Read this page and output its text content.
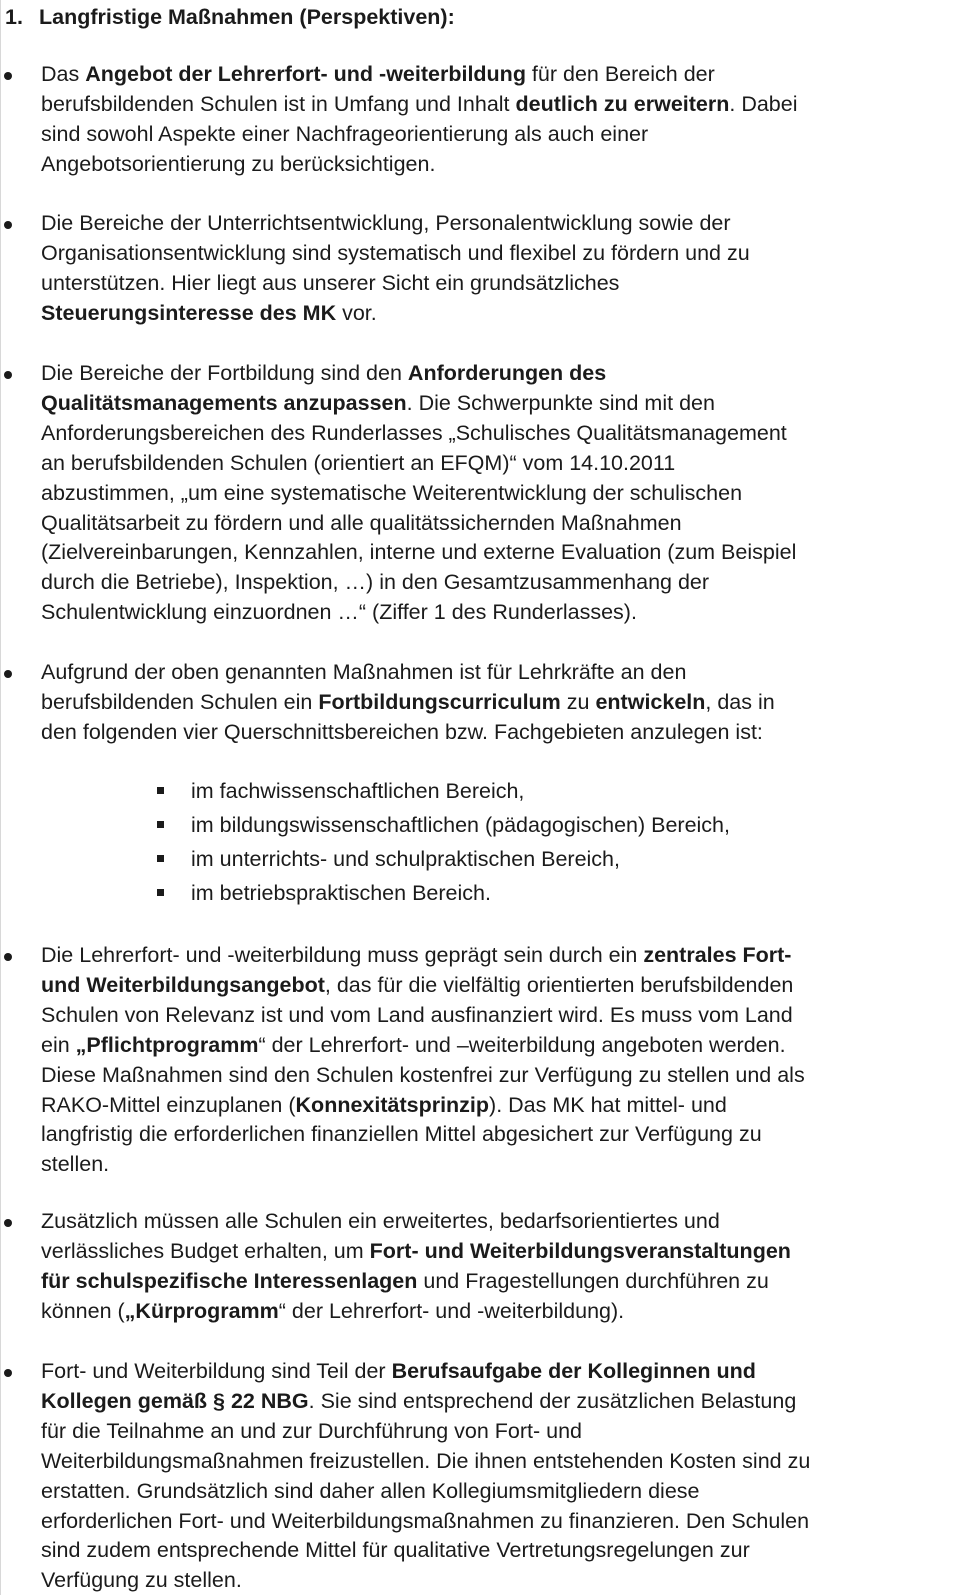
1. Langfristige Maßnahmen (Perspektiven):
Das Angebot der Lehrerfort- und -weiterbildung für den Bereich der
berufsbildenden Schulen ist in Umfang und Inhalt deutlich zu erweitern. Dabei
sind sowohl Aspekte einer Nachfrageorientierung als auch einer
Angebotsorientierung zu berücksichtigen.
Die Bereiche der Unterrichtsentwicklung, Personalentwicklung sowie der
Organisationsentwicklung sind systematisch und flexibel zu fördern und zu
unterstützen. Hier liegt aus unserer Sicht ein grundsätzliches
Steuerungsinteresse des MK vor.
Die Bereiche der Fortbildung sind den Anforderungen des
Qualitätsmanagements anzupassen. Die Schwerpunkte sind mit den
Anforderungsbereichen des Runderlasses „Schulisches Qualitätsmanagement
an berufsbildenden Schulen (orientiert an EFQM)“ vom 14.10.2011
abzustimmen, „um eine systematische Weiterentwicklung der schulischen
Qualitätsarbeit zu fördern und alle qualitätssichernden Maßnahmen
(Zielvereinbarungen, Kennzahlen, interne und externe Evaluation (zum Beispiel
durch die Betriebe), Inspektion, …) in den Gesamtzusammenhang der
Schulentwicklung einzuordnen …“ (Ziffer 1 des Runderlasses).
Aufgrund der oben genannten Maßnahmen ist für Lehrkräfte an den
berufsbildenden Schulen ein Fortbildungscurriculum zu entwickeln, das in
den folgenden vier Querschnittsbereichen bzw. Fachgebieten anzulegen ist:
im fachwissenschaftlichen Bereich,
im bildungswissenschaftlichen (pädagogischen) Bereich,
im unterrichts- und schulpraktischen Bereich,
im betriebspraktischen Bereich.
Die Lehrerfort- und -weiterbildung muss geprägt sein durch ein zentrales Fort-
und Weiterbildungsangebot, das für die vielfältig orientierten berufsbildenden
Schulen von Relevanz ist und vom Land ausfinanziert wird. Es muss vom Land
ein „Pflichtprogramm“ der Lehrerfort- und –weiterbildung angeboten werden.
Diese Maßnahmen sind den Schulen kostenfrei zur Verfügung zu stellen und als
RAKO-Mittel einzuplanen (Konnexitätsprinzip). Das MK hat mittel- und
langfristig die erforderlichen finanziellen Mittel abgesichert zur Verfügung zu
stellen.
Zusätzlich müssen alle Schulen ein erweitertes, bedarfsorientiertes und
verlässliches Budget erhalten, um Fort- und Weiterbildungsveranstaltungen
für schulspezifische Interessenlagen und Fragestellungen durchführen zu
können („Kürprogramm“ der Lehrerfort- und -weiterbildung).
Fort- und Weiterbildung sind Teil der Berufsaufgabe der Kolleginnen und
Kollegen gemäß § 22 NBG. Sie sind entsprechend der zusätzlichen Belastung
für die Teilnahme an und zur Durchführung von Fort- und
Weiterbildungsmaßnahmen freizustellen. Die ihnen entstehenden Kosten sind zu
erstatten. Grundsätzlich sind daher allen Kollegiumsmitgliedern diese
erforderlichen Fort- und Weiterbildungsmaßnahmen zu finanzieren. Den Schulen
sind zudem entsprechende Mittel für qualitative Vertretungsregelungen zur
Verfügung zu stellen.
